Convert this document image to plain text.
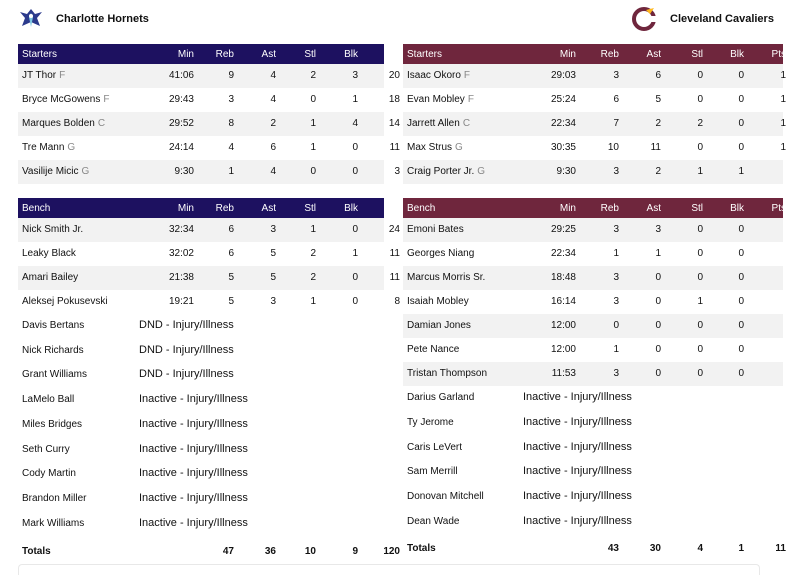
Charlotte Hornets
Starters	Min Reb	Ast	Stl	Blk	Pts
JT Thor F	41:06	9	4	2	3	20
Bryce McGowens F	29:43	3	4	0	1	18
Marques Bolden C	29:52	8	2	1	4	14
Tre Mann G	24:14	4	6	1	0	11
Vasilije Micic G	9:30	1	4	0	0	3
Bench	Min Reb	Ast	Stl	Blk	Pts
Nick Smith Jr.	32:34	6	3	1	0	24
Leaky Black	32:02	6	5	2	1	11
Amari Bailey	21:38	5	5	2	0	11
Aleksej Pokusevski	19:21	5	3	1	0	8
Davis Bertans	DND - Injury/Illness
Nick Richards	DND - Injury/Illness
Grant Williams	DND - Injury/Illness
LaMelo Ball	Inactive - Injury/Illness
Miles Bridges	Inactive - Injury/Illness
Seth Curry	Inactive - Injury/Illness
Cody Martin	Inactive - Injury/Illness
Brandon Miller	Inactive - Injury/Illness
Mark Williams	Inactive - Injury/Illness
Totals	47	36	10	9	120
Cleveland Cavaliers
Starters	Min Reb	Ast	Stl	Blk	Pts
Isaac Okoro F	29:03	3	6	0	0	1
Evan Mobley F	25:24	6	5	0	0	1
Jarrett Allen C	22:34	7	2	2	0	1
Max Strus G	30:35	10	11	0	0	1
Craig Porter Jr. G	9:30	3	2	1	1
Bench	Min Reb	Ast	Stl	Blk	Pts
Emoni Bates	29:25	3	3	0	0
Georges Niang	22:34	1	1	0	0
Marcus Morris Sr.	18:48	3	0	0	0
Isaiah Mobley	16:14	3	0	1	0
Damian Jones	12:00	0	0	0	0
Pete Nance	12:00	1	0	0	0
Tristan Thompson	11:53	3	0	0	0
Darius Garland	Inactive - Injury/Illness
Ty Jerome	Inactive - Injury/Illness
Caris LeVert	Inactive - Injury/Illness
Sam Merrill	Inactive - Injury/Illness
Donovan Mitchell	Inactive - Injury/Illness
Dean Wade	Inactive - Injury/Illness
Totals	43	30	4	1	11
